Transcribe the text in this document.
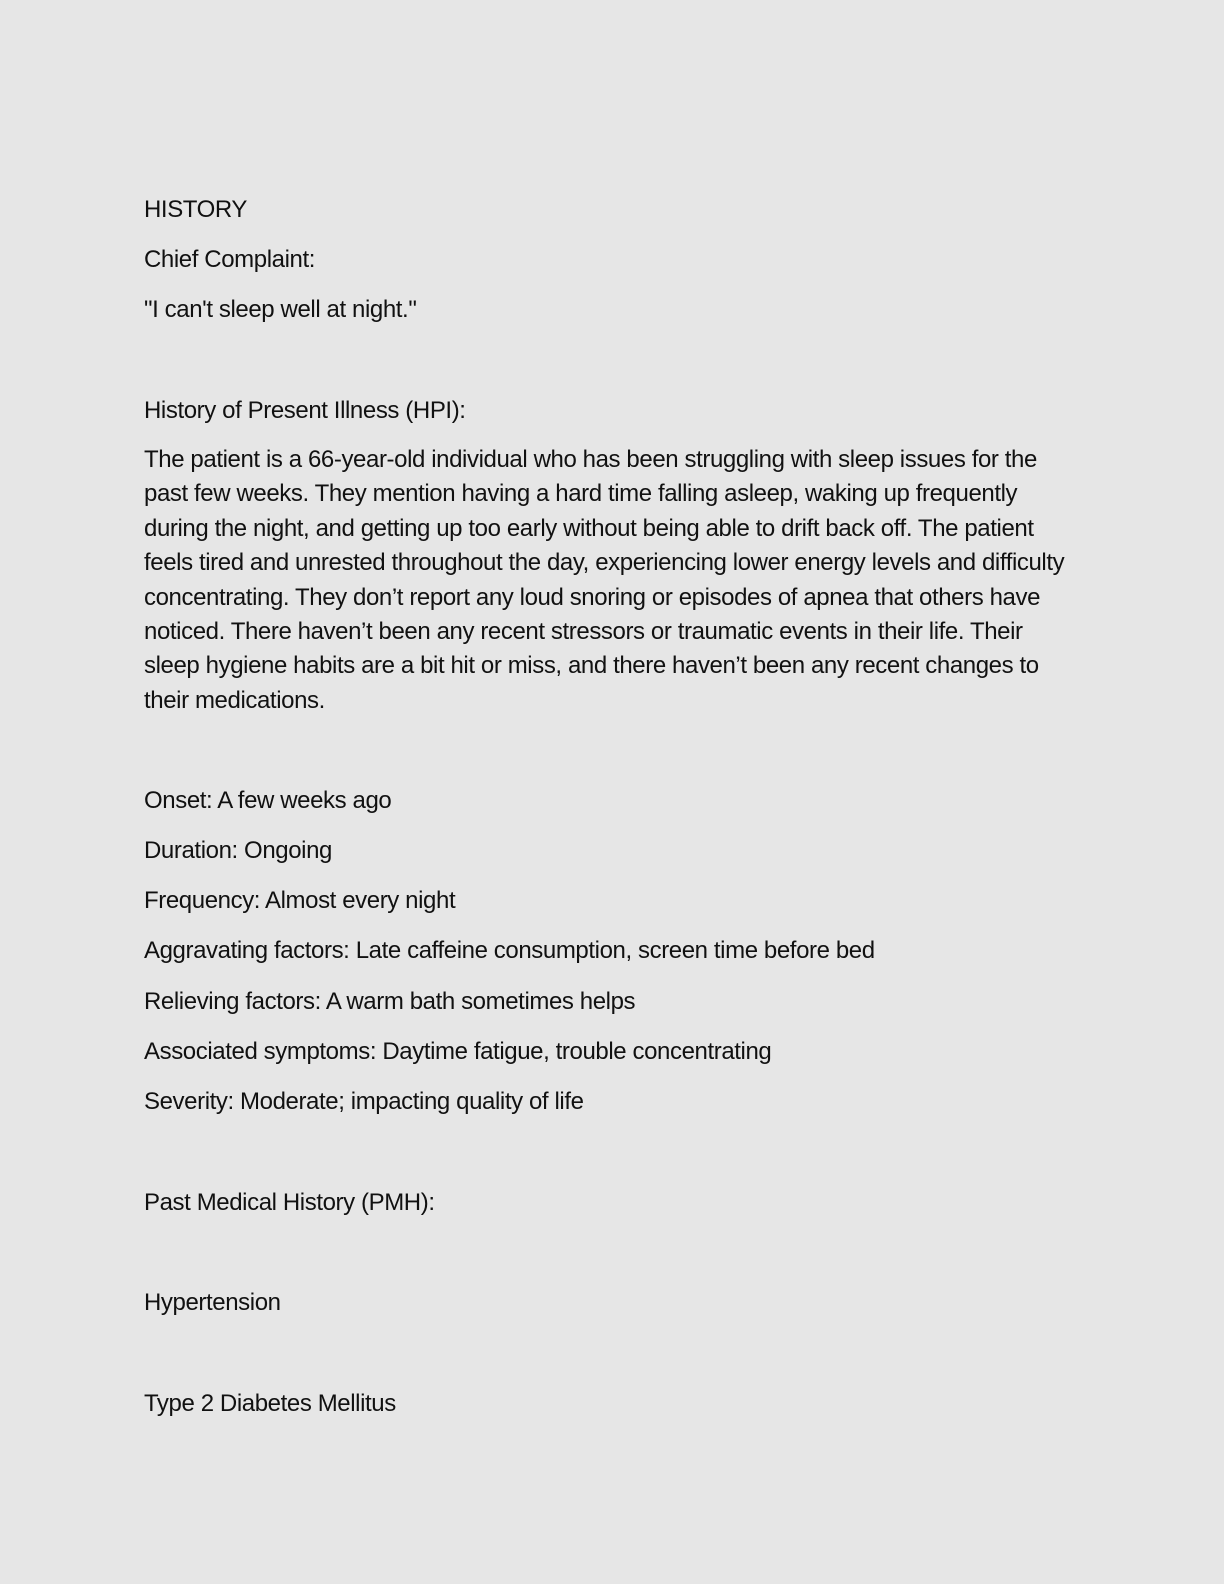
HISTORY

Chief Complaint:

"I can't sleep well at night."

History of Present Illness (HPI):

The patient is a 66-year-old individual who has been struggling with sleep issues for the
past few weeks. They mention having a hard time falling asleep, waking up frequently
during the night, and getting up too early without being able to drift back off. The patient
feels tired and unrested throughout the day, experiencing lower energy levels and difficulty
concentrating. They don’t report any loud snoring or episodes of apnea that others have
noticed. There haven’t been any recent stressors or traumatic events in their life. Their
sleep hygiene habits are a bit hit or miss, and there haven’t been any recent changes to
their medications.

Onset: A few weeks ago

Duration: Ongoing

Frequency: Almost every night

Aggravating factors: Late caffeine consumption, screen time before bed

Relieving factors: A warm bath sometimes helps

Associated symptoms: Daytime fatigue, trouble concentrating

Severity: Moderate; impacting quality of life

Past Medical History (PMH):

Hypertension

Type 2 Diabetes Mellitus
